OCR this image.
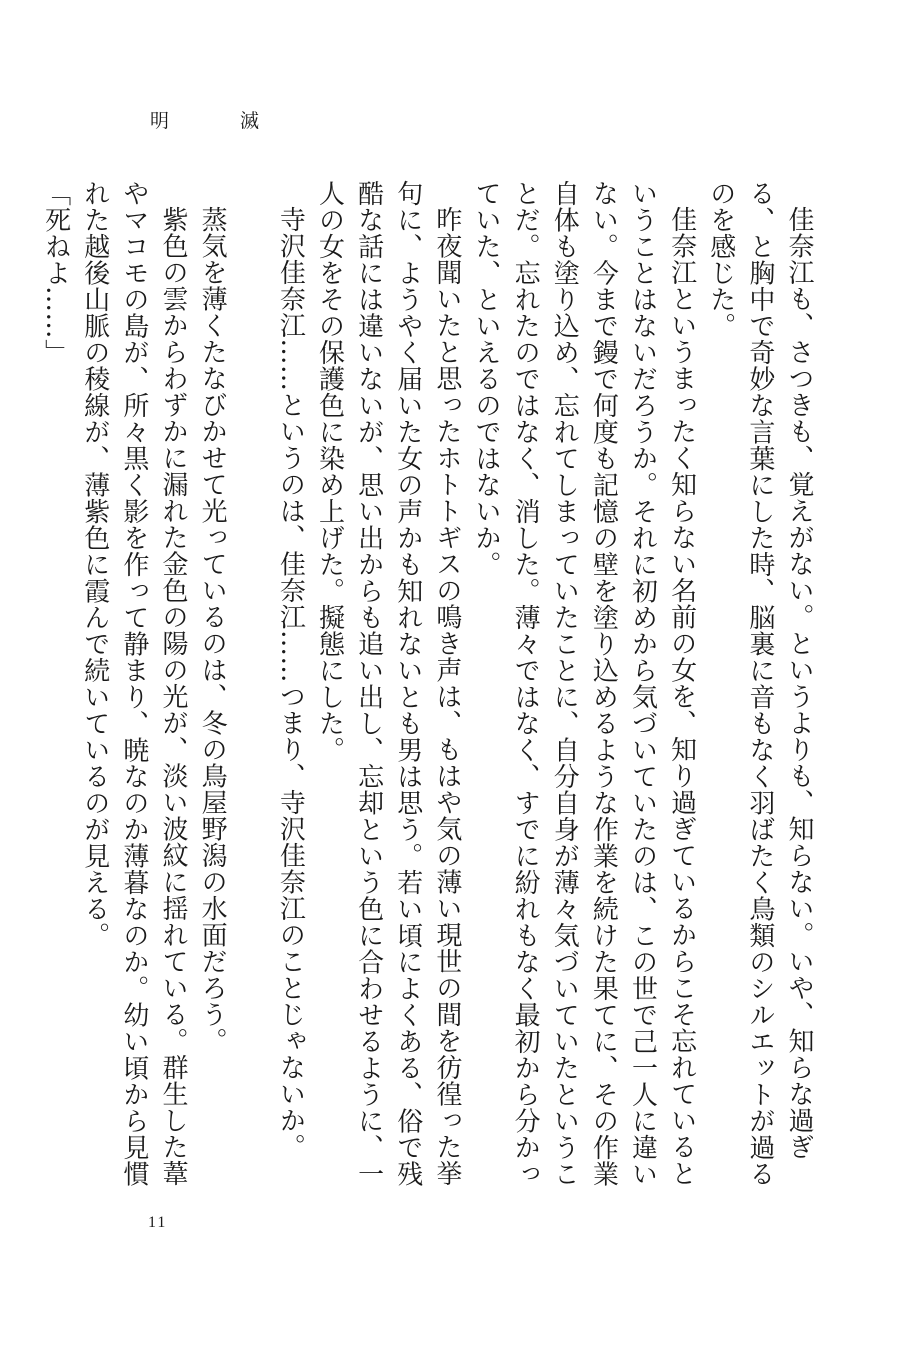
明　滅

佳奈江も、さつきも、覚えがない。というよりも、知らない。いや、知らな過ぎる、と胸中で奇妙な言葉にした時、脳裏に音もなく羽ばたく鳥類のシルエットが過るのを感じた。

佳奈江というまったく知らない名前の女を、知り過ぎているからこそ忘れているということはないだろうか。それに初めから気づいていたのは、この世で己一人に違いない。今まで鏝で何度も記憶の壁を塗り込めるような作業を続けた果てに、その作業自体も塗り込め、忘れてしまっていたことに、自分自身が薄々気づいていたということだ。忘れたのではなく、消した。薄々ではなく、すでに紛れもなく最初から分かっていた、といえるのではないか。

昨夜聞いたと思ったホトトギスの鳴き声は、もはや気の薄い現世の間を彷徨った挙句に、ようやく届いた女の声かも知れないとも男は思う。若い頃によくある、俗で残酷な話には違いないが、思い出からも追い出し、忘却という色に合わせるように、一人の女をその保護色に染め上げた。擬態にした。

寺沢佳奈江……というのは、佳奈江……つまり、寺沢佳奈江のことじゃないか。

蒸気を薄くたなびかせて光っているのは、冬の鳥屋野潟の水面だろう。

紫色の雲からわずかに漏れた金色の陽の光が、淡い波紋に揺れている。群生した葦やマコモの島が、所々黒く影を作って静まり、暁なのか薄暮なのか。幼い頃から見慣れた越後山脈の稜線が、薄紫色に霞んで続いているのが見える。

「死ねよ……」

11
